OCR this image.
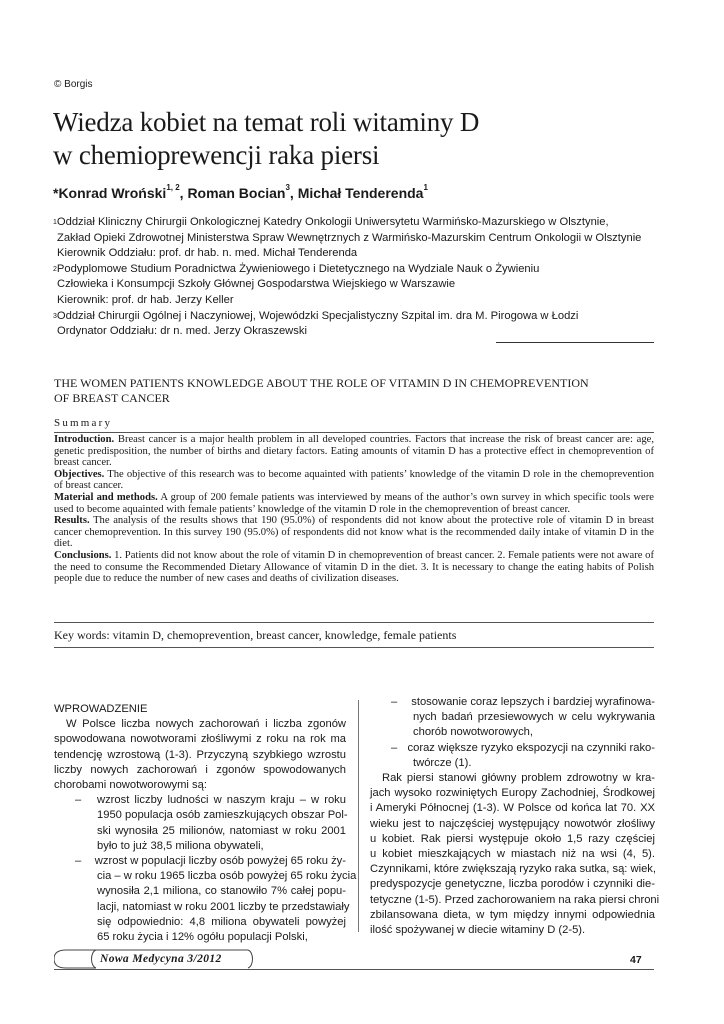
© Borgis
Wiedza kobiet na temat roli witaminy D
w chemioprewencji raka piersi
*Konrad Wroński$^{1, 2}$, Roman Bocian$^3$, Michał Tenderenda$^1$
$^1$Oddział Kliniczny Chirurgii Onkologicznej Katedry Onkologii Uniwersytetu Warmińsko-Mazurskiego w Olsztynie,
Zakład Opieki Zdrowotnej Ministerstwa Spraw Wewnętrznych z Warmińsko-Mazurskim Centrum Onkologii w Olsztynie
Kierownik Oddziału: prof. dr hab. n. med. Michał Tenderenda
$^2$Podyplomowe Studium Poradnictwa Żywieniowego i Dietetycznego na Wydziale Nauk o Żywieniu
Człowieka i Konsumpcji Szkoły Głównej Gospodarstwa Wiejskiego w Warszawie
Kierownik: prof. dr hab. Jerzy Keller
$^3$Oddział Chirurgii Ogólnej i Naczyniowej, Wojewódzki Specjalistyczny Szpital im. dra M. Pirogowa w Łodzi
Ordynator Oddziału: dr n. med. Jerzy Okraszewski
THE WOMEN PATIENTS KNOWLEDGE ABOUT THE ROLE OF VITAMIN D IN CHEMOPREVENTION
OF BREAST CANCER
Summary

Introduction. Breast cancer is a major health problem in all developed countries. Factors that increase the risk of breast cancer are: age, genetic predisposition, the number of births and dietary factors. Eating amounts of vitamin D has a protective effect in chemoprevention of breast cancer.

Objectives. The objective of this research was to become aquainted with patients’ knowledge of the vitamin D role in the chemoprevention of breast cancer.

Material and methods. A group of 200 female patients was interviewed by means of the author’s own survey in which specific tools were used to become aquainted with female patients’ knowledge of the vitamin D role in the chemoprevention of breast cancer.

Results. The analysis of the results shows that 190 (95.0%) of respondents did not know about the protective role of vitamin D in breast cancer chemoprevention. In this survey 190 (95.0%) of respondents did not know what is the recommended daily intake of vitamin D in the diet.

Conclusions. 1. Patients did not know about the role of vitamin D in chemoprevention of breast cancer. 2. Female patients were not aware of the need to consume the Recommended Dietary Allowance of vitamin D in the diet. 3. It is necessary to change the eating habits of Polish people due to reduce the number of new cases and deaths of civilization diseases.

Key words: vitamin D, chemoprevention, breast cancer, knowledge, female patients
WPROWADZENIE
W Polsce liczba nowych zachorowań i liczba zgonów
spowodowana nowotworami złośliwymi z roku na rok ma
tendencję wzrostową (1-3). Przyczyną szybkiego wzrostu
liczby nowych zachorowań i zgonów spowodowanych
chorobami nowotworowymi są:
–	wzrost liczby ludności w naszym kraju – w roku
1950 populacja osób zamieszkujących obszar Pol-
ski wynosiła 25 milionów, natomiast w roku 2001
było to już 38,5 miliona obywateli,
–	wzrost w populacji liczby osób powyżej 65 roku ży-
cia – w roku 1965 liczba osób powyżej 65 roku życia
wynosiła 2,1 miliona, co stanowiło 7% całej popu-
lacji, natomiast w roku 2001 liczby te przedstawiały
się odpowiednio: 4,8 miliona obywateli powyżej
65 roku życia i 12% ogółu populacji Polski,
–	stosowanie coraz lepszych i bardziej wyrafinowa-
nych badań przesiewowych w celu wykrywania
chorób nowotworowych,
– coraz większe ryzyko ekspozycji na czynniki rako-
twórcze (1).
Rak piersi stanowi główny problem zdrowotny w kra-
jach wysoko rozwiniętych Europy Zachodniej, Środkowej
i Ameryki Północnej (1-3). W Polsce od końca lat 70. XX
wieku jest to najczęściej występujący nowotwór złośliwy
u kobiet. Rak piersi występuje około 1,5 razy częściej
u kobiet mieszkających w miastach niż na wsi (4, 5).
Czynnikami, które zwiększają ryzyko raka sutka, są: wiek,
predyspozycje genetyczne, liczba porodów i czynniki die-
tetyczne (1-5). Przed zachorowaniem na raka piersi chroni
zbilansowana dieta, w tym między innymi odpowiednia
ilość spożywanej w diecie witaminy D (2-5).
Nowa Medycyna 3/2012	47
